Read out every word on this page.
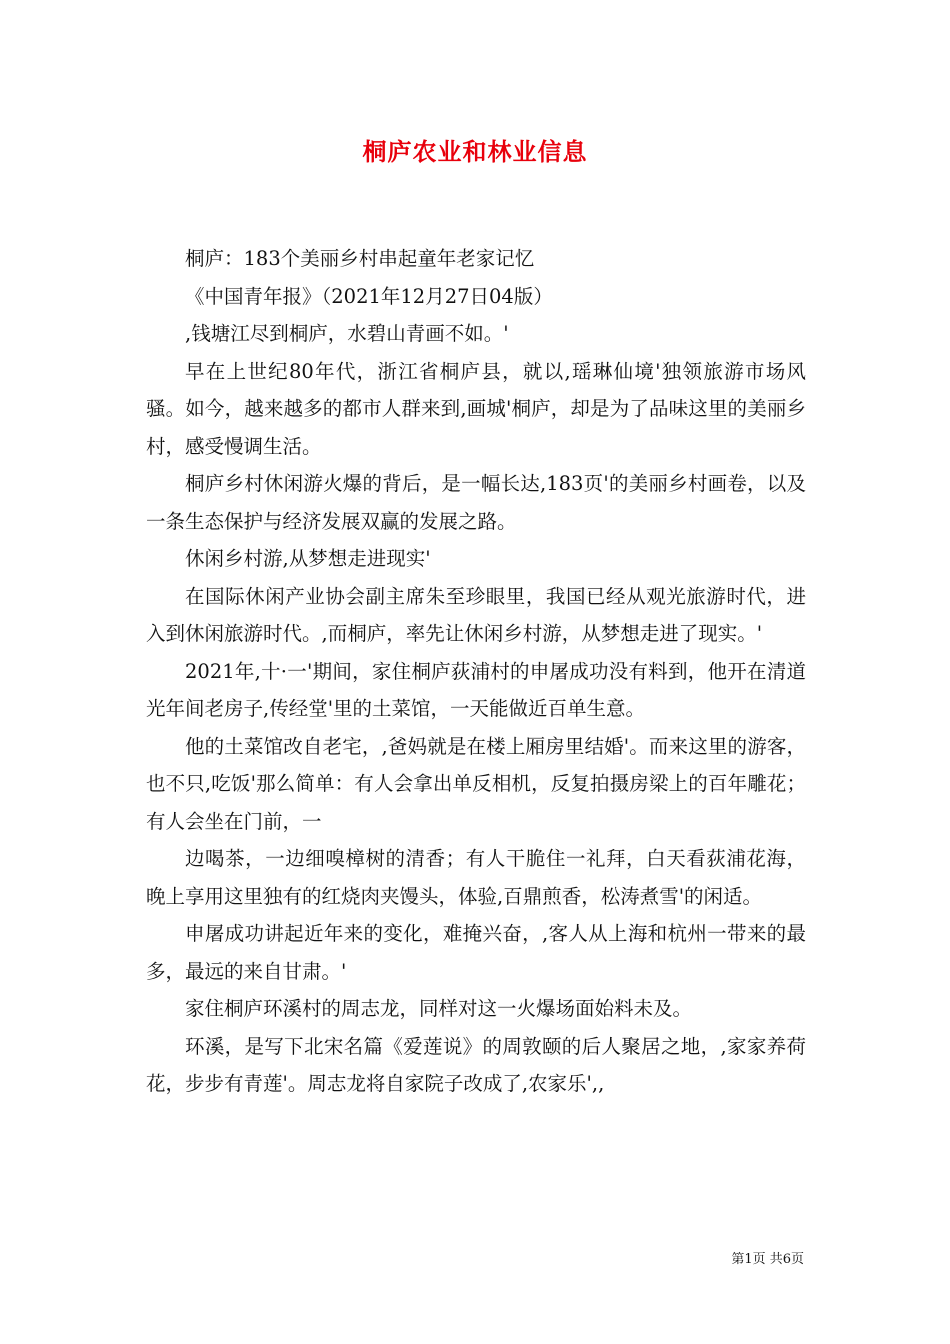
桐庐农业和林业信息

桐庐：183个美丽乡村串起童年老家记忆

《中国青年报》（2021年12月27日04版）

,钱塘江尽到桐庐，水碧山青画不如。'

早在上世纪80年代，浙江省桐庐县，就以,瑶琳仙境'独领旅游市场风骚。如今，越来越多的都市人群来到,画城'桐庐，却是为了品味这里的美丽乡村，感受慢调生活。

桐庐乡村休闲游火爆的背后，是一幅长达,183页'的美丽乡村画卷，以及一条生态保护与经济发展双赢的发展之路。

休闲乡村游,从梦想走进现实'

在国际休闲产业协会副主席朱至珍眼里，我国已经从观光旅游时代，进入到休闲旅游时代。,而桐庐，率先让休闲乡村游，从梦想走进了现实。'

2021年,十·一'期间，家住桐庐荻浦村的申屠成功没有料到，他开在清道光年间老房子,传经堂'里的土菜馆，一天能做近百单生意。

他的土菜馆改自老宅，,爸妈就是在楼上厢房里结婚'。而来这里的游客，也不只,吃饭'那么简单：有人会拿出单反相机，反复拍摄房梁上的百年雕花；有人会坐在门前，一

边喝茶，一边细嗅樟树的清香；有人干脆住一礼拜，白天看荻浦花海，晚上享用这里独有的红烧肉夹馒头，体验,百鼎煎香，松涛煮雪'的闲适。

申屠成功讲起近年来的变化，难掩兴奋，,客人从上海和杭州一带来的最多，最远的来自甘肃。'

家住桐庐环溪村的周志龙，同样对这一火爆场面始料未及。

环溪，是写下北宋名篇《爱莲说》的周敦颐的后人聚居之地，,家家养荷花，步步有青莲'。周志龙将自家院子改成了,农家乐',,

第1页 共6页
